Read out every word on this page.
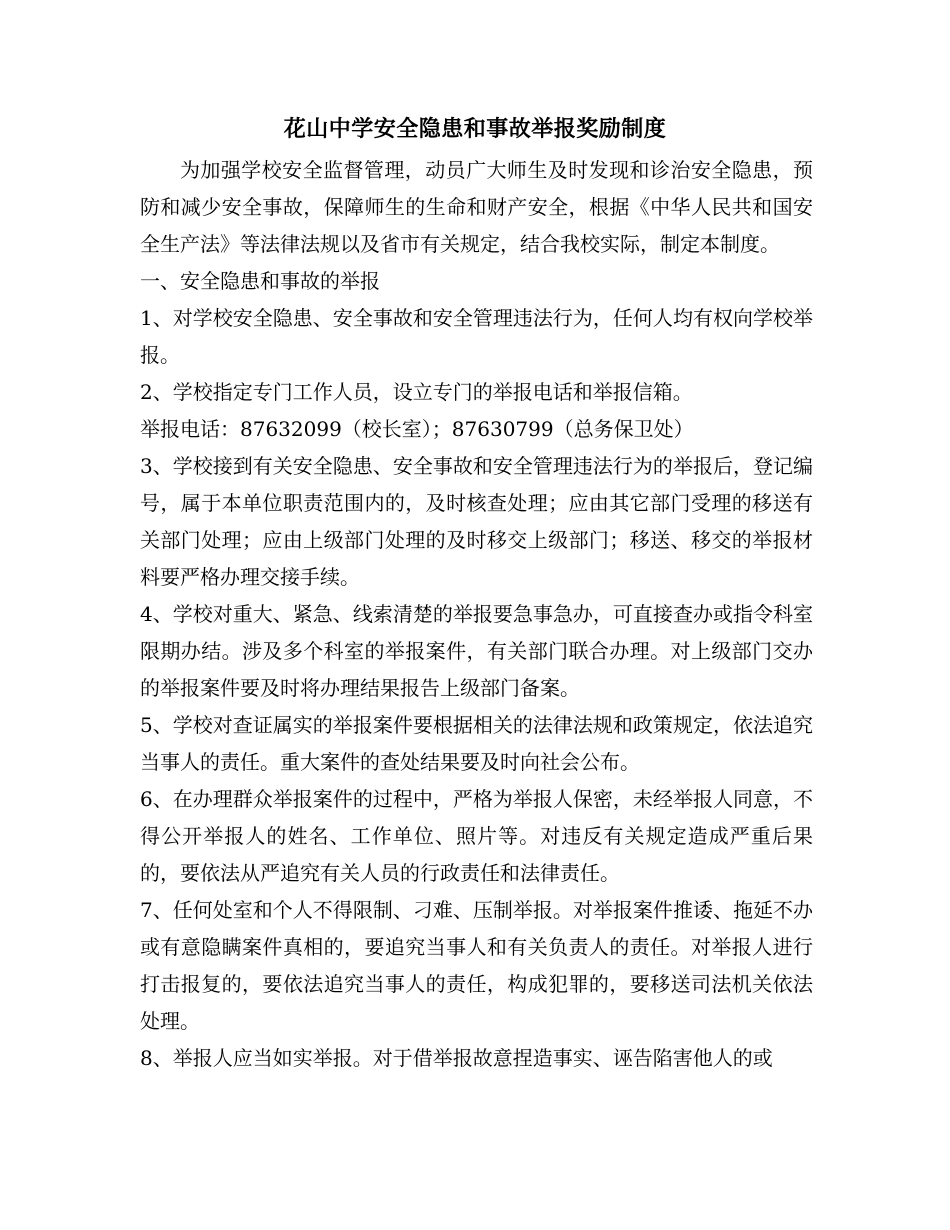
花山中学安全隐患和事故举报奖励制度

为加强学校安全监督管理，动员广大师生及时发现和诊治安全隐患，预防和减少安全事故，保障师生的生命和财产安全，根据《中华人民共和国安全生产法》等法律法规以及省市有关规定，结合我校实际，制定本制度。

一、安全隐患和事故的举报

1、对学校安全隐患、安全事故和安全管理违法行为，任何人均有权向学校举报。

2、学校指定专门工作人员，设立专门的举报电话和举报信箱。

举报电话：87632099（校长室）；87630799（总务保卫处）

3、学校接到有关安全隐患、安全事故和安全管理违法行为的举报后，登记编号，属于本单位职责范围内的，及时核查处理；应由其它部门受理的移送有关部门处理；应由上级部门处理的及时移交上级部门；移送、移交的举报材料要严格办理交接手续。

4、学校对重大、紧急、线索清楚的举报要急事急办，可直接查办或指令科室限期办结。涉及多个科室的举报案件，有关部门联合办理。对上级部门交办的举报案件要及时将办理结果报告上级部门备案。

5、学校对查证属实的举报案件要根据相关的法律法规和政策规定，依法追究当事人的责任。重大案件的查处结果要及时向社会公布。

6、在办理群众举报案件的过程中，严格为举报人保密，未经举报人同意，不得公开举报人的姓名、工作单位、照片等。对违反有关规定造成严重后果的，要依法从严追究有关人员的行政责任和法律责任。

7、任何处室和个人不得限制、刁难、压制举报。对举报案件推诿、拖延不办或有意隐瞒案件真相的，要追究当事人和有关负责人的责任。对举报人进行打击报复的，要依法追究当事人的责任，构成犯罪的，要移送司法机关依法处理。

8、举报人应当如实举报。对于借举报故意捏造事实、诬告陷害他人的或
